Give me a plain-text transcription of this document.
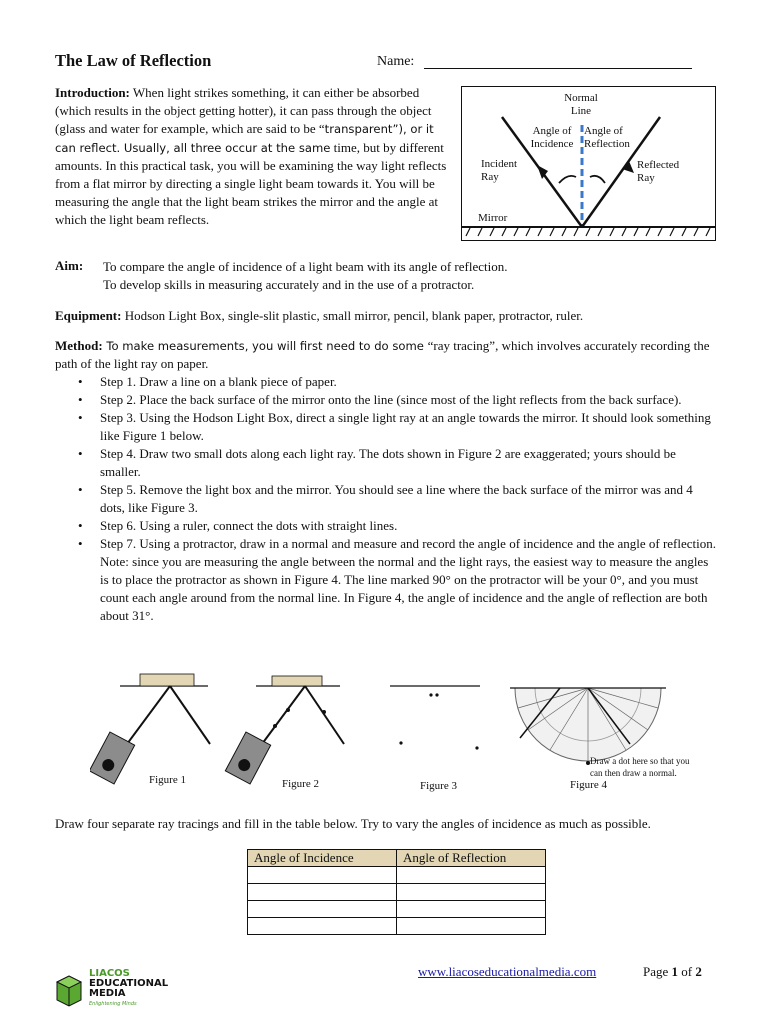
The Law of Reflection	Name:
Introduction: When light strikes something, it can either be absorbed (which results in the object getting hotter), it can pass through the object (glass and water for example, which are said to be “transparent”), or it can reflect. Usually, all three occur at the same time, but by different amounts. In this practical task, you will be examining the way light reflects from a flat mirror by directing a single light beam towards it. You will be measuring the angle that the light beam strikes the mirror and the angle at which the light beam reflects.
Normal
Line
Angle of
Incidence
Angle of
Reflection
Incident
Ray
Reflected
Ray
Mirror
Aim: To compare the angle of incidence of a light beam with its angle of reflection.
To develop skills in measuring accurately and in the use of a protractor.
Equipment: Hodson Light Box, single-slit plastic, small mirror, pencil, blank paper, protractor, ruler.
Method: To make measurements, you will first need to do some “ray tracing”, which involves accurately recording the path of the light ray on paper.
• Step 1. Draw a line on a blank piece of paper.
• Step 2. Place the back surface of the mirror onto the line (since most of the light reflects from the back surface).
• Step 3. Using the Hodson Light Box, direct a single light ray at an angle towards the mirror. It should look something like Figure 1 below.
• Step 4. Draw two small dots along each light ray. The dots shown in Figure 2 are exaggerated; yours should be smaller.
• Step 5. Remove the light box and the mirror. You should see a line where the back surface of the mirror was and 4 dots, like Figure 3.
• Step 6. Using a ruler, connect the dots with straight lines.
• Step 7. Using a protractor, draw in a normal and measure and record the angle of incidence and the angle of reflection.
Note: since you are measuring the angle between the normal and the light rays, the easiest way to measure the angles is to place the protractor as shown in Figure 4. The line marked 90° on the protractor will be your 0°, and you must count each angle around from the normal line. In Figure 4, the angle of incidence and the angle of reflection are both about 31°.
Figure 1	Figure 2	Figure 3	Figure 4
Draw a dot here so that you
can then draw a normal.
Draw four separate ray tracings and fill in the table below. Try to vary the angles of incidence as much as possible.
Angle of Incidence	Angle of Reflection

LIACOS
EDUCATIONAL
MEDIA
Enlightening Minds
www.liacoseducationalmedia.com	Page 1 of 2
